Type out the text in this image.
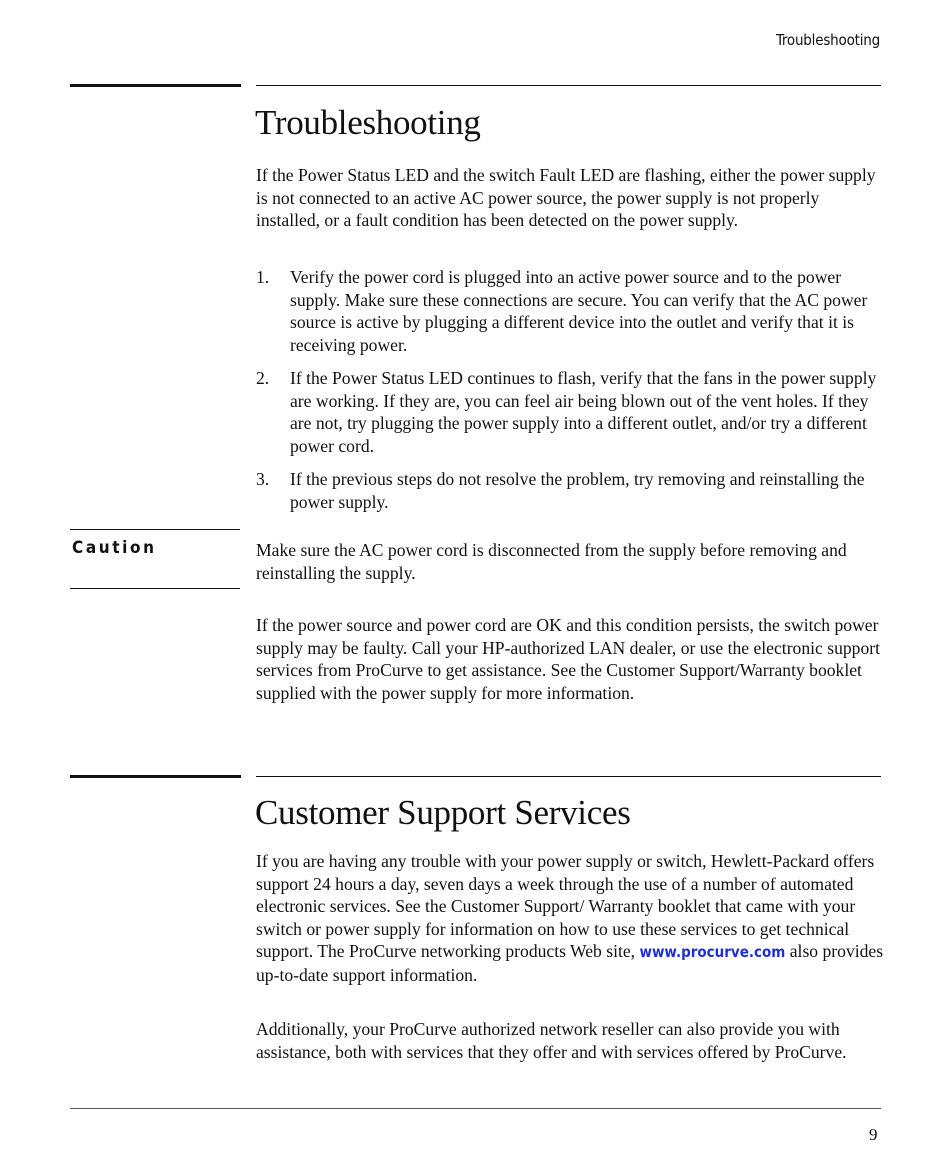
Troubleshooting
Troubleshooting

If the Power Status LED and the switch Fault LED are flashing, either the power supply is not connected to an active AC power source, the power supply is not properly installed, or a fault condition has been detected on the power supply.

1. Verify the power cord is plugged into an active power source and to the power supply. Make sure these connections are secure. You can verify that the AC power source is active by plugging a different device into the outlet and verify that it is receiving power.

2. If the Power Status LED continues to flash, verify that the fans in the power supply are working. If they are, you can feel air being blown out of the vent holes. If they are not, try plugging the power supply into a different outlet, and/or try a different power cord.

3. If the previous steps do not resolve the problem, try removing and reinstalling the power supply.

Caution	Make sure the AC power cord is disconnected from the supply before removing and reinstalling the supply.

If the power source and power cord are OK and this condition persists, the switch power supply may be faulty. Call your HP-authorized LAN dealer, or use the electronic support services from ProCurve to get assistance. See the Customer Support/Warranty booklet supplied with the power supply for more information.

Customer Support Services

If you are having any trouble with your power supply or switch, Hewlett-Packard offers support 24 hours a day, seven days a week through the use of a number of automated electronic services. See the Customer Support/ Warranty booklet that came with your switch or power supply for information on how to use these services to get technical support. The ProCurve networking products Web site, www.procurve.com also provides up-to-date support information.

Additionally, your ProCurve authorized network reseller can also provide you with assistance, both with services that they offer and with services offered by ProCurve.

9
